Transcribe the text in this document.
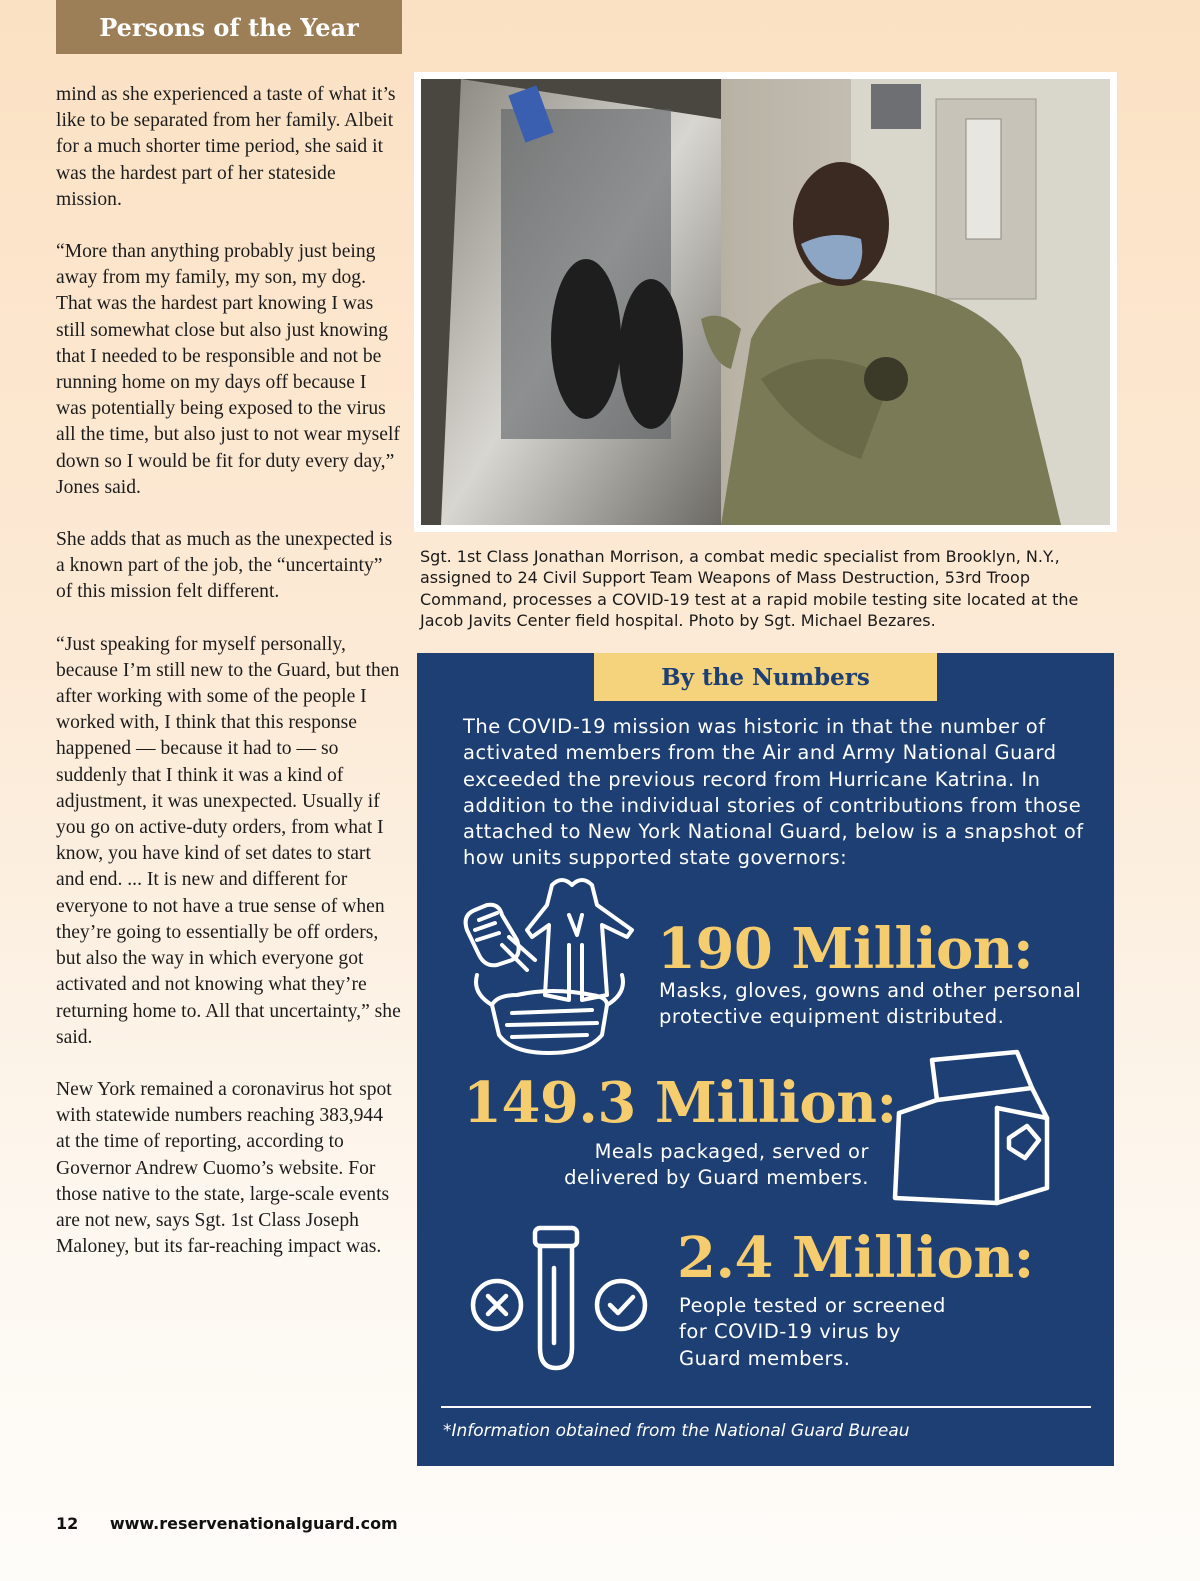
Persons of the Year

mind as she experienced a taste of what it’s like to be separated from her family. Albeit for a much shorter time period, she said it was the hardest part of her stateside mission.

“More than anything probably just being away from my family, my son, my dog. That was the hardest part knowing I was still somewhat close but also just knowing that I needed to be responsible and not be running home on my days off because I was potentially being exposed to the virus all the time, but also just to not wear myself down so I would be fit for duty every day,” Jones said.

She adds that as much as the unexpected is a known part of the job, the “uncertainty” of this mission felt different.

“Just speaking for myself personally, because I’m still new to the Guard, but then after working with some of the people I worked with, I think that this response happened — because it had to — so suddenly that I think it was a kind of adjustment, it was unexpected. Usually if you go on active-duty orders, from what I know, you have kind of set dates to start and end. ... It is new and different for everyone to not have a true sense of when they’re going to essentially be off orders, but also the way in which everyone got activated and not knowing what they’re returning home to. All that uncertainty,” she said.

New York remained a coronavirus hot spot with statewide numbers reaching 383,944 at the time of reporting, according to Governor Andrew Cuomo’s website. For those native to the state, large-scale events are not new, says Sgt. 1st Class Joseph Maloney, but its far-reaching impact was.

Sgt. 1st Class Jonathan Morrison, a combat medic specialist from Brooklyn, N.Y., assigned to 24 Civil Support Team Weapons of Mass Destruction, 53rd Troop Command, processes a COVID-19 test at a rapid mobile testing site located at the Jacob Javits Center field hospital. Photo by Sgt. Michael Bezares.
By the Numbers
The COVID-19 mission was historic in that the number of activated members from the Air and Army National Guard exceeded the previous record from Hurricane Katrina. In addition to the individual stories of contributions from those attached to New York National Guard, below is a snapshot of how units supported state governors:
190 Million:
Masks, gloves, gowns and other personal protective equipment distributed.
149.3 Million:
Meals packaged, served or delivered by Guard members.
2.4 Million:
People tested or screened for COVID-19 virus by Guard members.
*Information obtained from the National Guard Bureau
12 www.reservenationalguard.com
